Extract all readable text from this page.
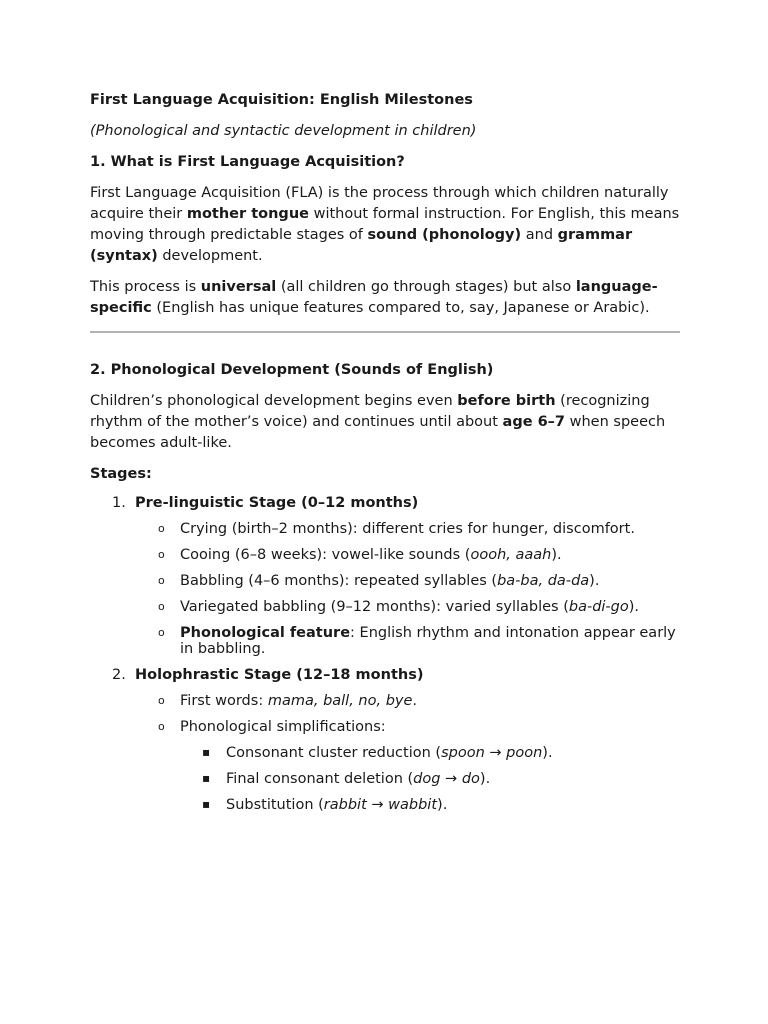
First Language Acquisition: English Milestones

(Phonological and syntactic development in children)

1. What is First Language Acquisition?

First Language Acquisition (FLA) is the process through which children naturally acquire their mother tongue without formal instruction. For English, this means moving through predictable stages of sound (phonology) and grammar (syntax) development.

This process is universal (all children go through stages) but also language-specific (English has unique features compared to, say, Japanese or Arabic).

2. Phonological Development (Sounds of English)

Children’s phonological development begins even before birth (recognizing rhythm of the mother’s voice) and continues until about age 6–7 when speech becomes adult-like.

Stages:

1. Pre-linguistic Stage (0–12 months)
o Crying (birth–2 months): different cries for hunger, discomfort.
o Cooing (6–8 weeks): vowel-like sounds (oooh, aaah).
o Babbling (4–6 months): repeated syllables (ba-ba, da-da).
o Variegated babbling (9–12 months): varied syllables (ba-di-go).
o Phonological feature: English rhythm and intonation appear early in babbling.
2. Holophrastic Stage (12–18 months)
o First words: mama, ball, no, bye.
o Phonological simplifications:
▪ Consonant cluster reduction (spoon → poon).
▪ Final consonant deletion (dog → do).
▪ Substitution (rabbit → wabbit).
